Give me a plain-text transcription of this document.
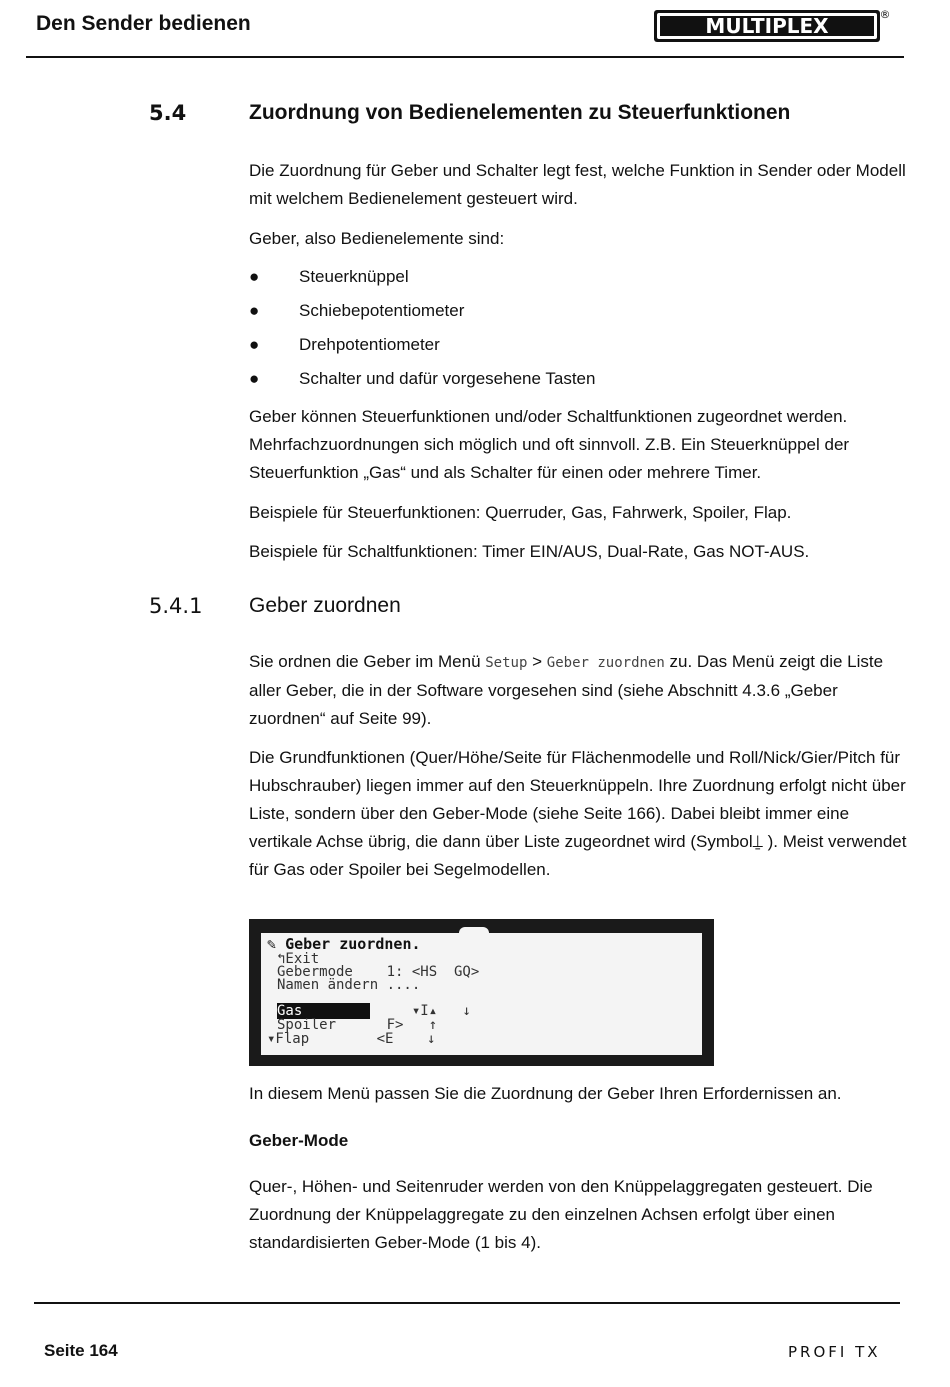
Den Sender bedienen	MULTIPLEX	®
5.4	Zuordnung von Bedienelementen zu Steuerfunktionen

Die Zuordnung für Geber und Schalter legt fest, welche Funktion in Sender oder Modell mit welchem Bedienelement gesteuert wird.

Geber, also Bedienelemente sind:

● Steuerknüppel
● Schiebepotentiometer
● Drehpotentiometer
● Schalter und dafür vorgesehene Tasten

Geber können Steuerfunktionen und/oder Schaltfunktionen zugeordnet werden. Mehrfachzuordnungen sich möglich und oft sinnvoll. Z.B. Ein Steuerknüppel der Steuerfunktion „Gas“ und als Schalter für einen oder mehrere Timer.

Beispiele für Steuerfunktionen: Querruder, Gas, Fahrwerk, Spoiler, Flap.

Beispiele für Schaltfunktionen: Timer EIN/AUS, Dual-Rate, Gas NOT-AUS.

5.4.1 Geber zuordnen

Sie ordnen die Geber im Menü Setup > Geber zuordnen zu. Das Menü zeigt die Liste aller Geber, die in der Software vorgesehen sind (siehe Abschnitt 4.3.6 „Geber zuordnen“ auf Seite 99).

Die Grundfunktionen (Quer/Höhe/Seite für Flächenmodelle und Roll/Nick/Gier/Pitch für Hubschrauber) liegen immer auf den Steuerknüppeln. Ihre Zuordnung erfolgt nicht über Liste, sondern über den Geber-Mode (siehe Seite 166). Dabei bleibt immer eine vertikale Achse übrig, die dann über Liste zugeordnet wird (Symbol⍊ ). Meist verwendet für Gas oder Spoiler bei Segelmodellen.

✎ Geber zuordnen.
↰Exit
Gebermode    1: <HS  GQ>
Namen ändern ....
Gas	▾I▴   ↓
Spoiler      F>   ↑
▾Flap        <E    ↓

In diesem Menü passen Sie die Zuordnung der Geber Ihren Erfordernissen an.

Geber-Mode

Quer-, Höhen- und Seitenruder werden von den Knüppelaggregaten gesteuert. Die Zuordnung der Knüppelaggregate zu den einzelnen Achsen erfolgt über einen standardisierten Geber-Mode (1 bis 4).

Seite 164	PROFI TX
